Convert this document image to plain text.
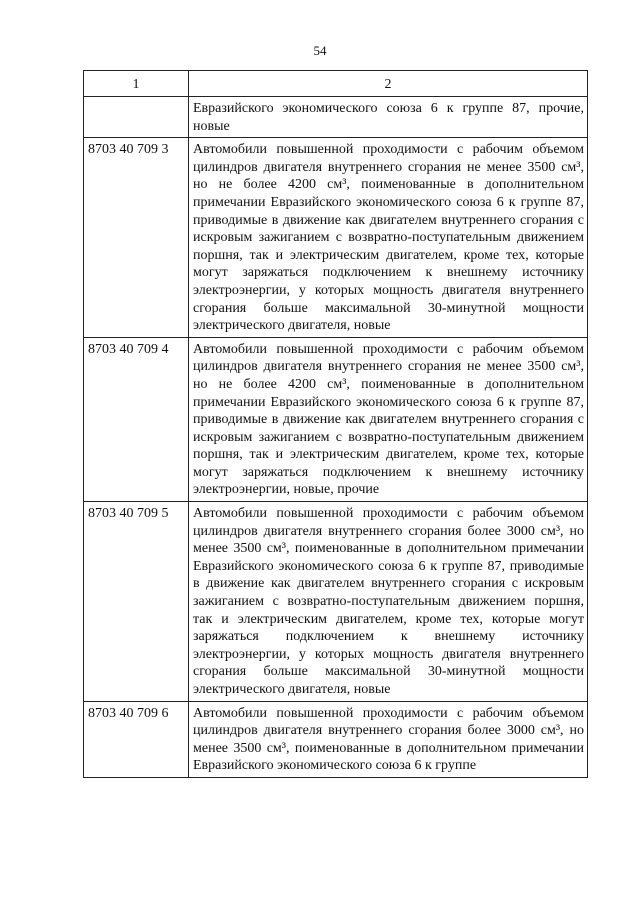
54
1	2
	Евразийского экономического союза 6 к группе 87, прочие, новые
8703 40 709 3	Автомобили повышенной проходимости с рабочим объемом цилиндров двигателя внутреннего сгорания не менее 3500 см³, но не более 4200 см³, поименованные в дополнительном примечании Евразийского экономического союза 6 к группе 87, приводимые в движение как двигателем внутреннего сгорания с искровым зажиганием с возвратно-поступательным движением поршня, так и электрическим двигателем, кроме тех, которые могут заряжаться подключением к внешнему источнику электроэнергии, у которых мощность двигателя внутреннего сгорания больше максимальной 30-минутной мощности электрического двигателя, новые
8703 40 709 4	Автомобили повышенной проходимости с рабочим объемом цилиндров двигателя внутреннего сгорания не менее 3500 см³, но не более 4200 см³, поименованные в дополнительном примечании Евразийского экономического союза 6 к группе 87, приводимые в движение как двигателем внутреннего сгорания с искровым зажиганием с возвратно-поступательным движением поршня, так и электрическим двигателем, кроме тех, которые могут заряжаться подключением к внешнему источнику электроэнергии, новые, прочие
8703 40 709 5	Автомобили повышенной проходимости с рабочим объемом цилиндров двигателя внутреннего сгорания более 3000 см³, но менее 3500 см³, поименованные в дополнительном примечании Евразийского экономического союза 6 к группе 87, приводимые в движение как двигателем внутреннего сгорания с искровым зажиганием с возвратно-поступательным движением поршня, так и электрическим двигателем, кроме тех, которые могут заряжаться подключением к внешнему источнику электроэнергии, у которых мощность двигателя внутреннего сгорания больше максимальной 30-минутной мощности электрического двигателя, новые
8703 40 709 6	Автомобили повышенной проходимости с рабочим объемом цилиндров двигателя внутреннего сгорания более 3000 см³, но менее 3500 см³, поименованные в дополнительном примечании Евразийского экономического союза 6 к группе
